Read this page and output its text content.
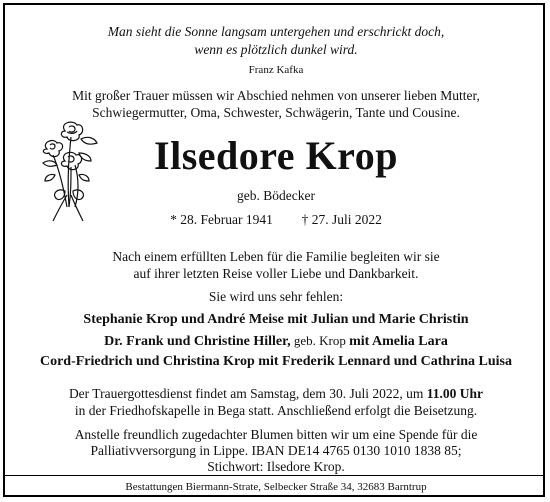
Man sieht die Sonne langsam untergehen und erschrickt doch,

wenn es plötzlich dunkel wird.

Franz Kafka

Mit großer Trauer müssen wir Abschied nehmen von unserer lieben Mutter,

Schwiegermutter, Oma, Schwester, Schwägerin, Tante und Cousine.

Ilsedore Krop

geb. Bödecker

* 28. Februar 1941 † 27. Juli 2022

Nach einem erfüllten Leben für die Familie begleiten wir sie

auf ihrer letzten Reise voller Liebe und Dankbarkeit.

Sie wird uns sehr fehlen:

Stephanie Krop und André Meise mit Julian und Marie Christin

Dr. Frank und Christine Hiller, geb. Krop mit Amelia Lara

Cord-Friedrich und Christina Krop mit Frederik Lennard und Cathrina Luisa

Der Trauergottesdienst findet am Samstag, dem 30. Juli 2022, um 11.00 Uhr

in der Friedhofskapelle in Bega statt. Anschließend erfolgt die Beisetzung.

Anstelle freundlich zugedachter Blumen bitten wir um eine Spende für die

Palliativversorgung in Lippe. IBAN DE14 4765 0130 1010 1838 85;

Stichwort: Ilsedore Krop.

Bestattungen Biermann-Strate, Selbecker Straße 34, 32683 Barntrup
